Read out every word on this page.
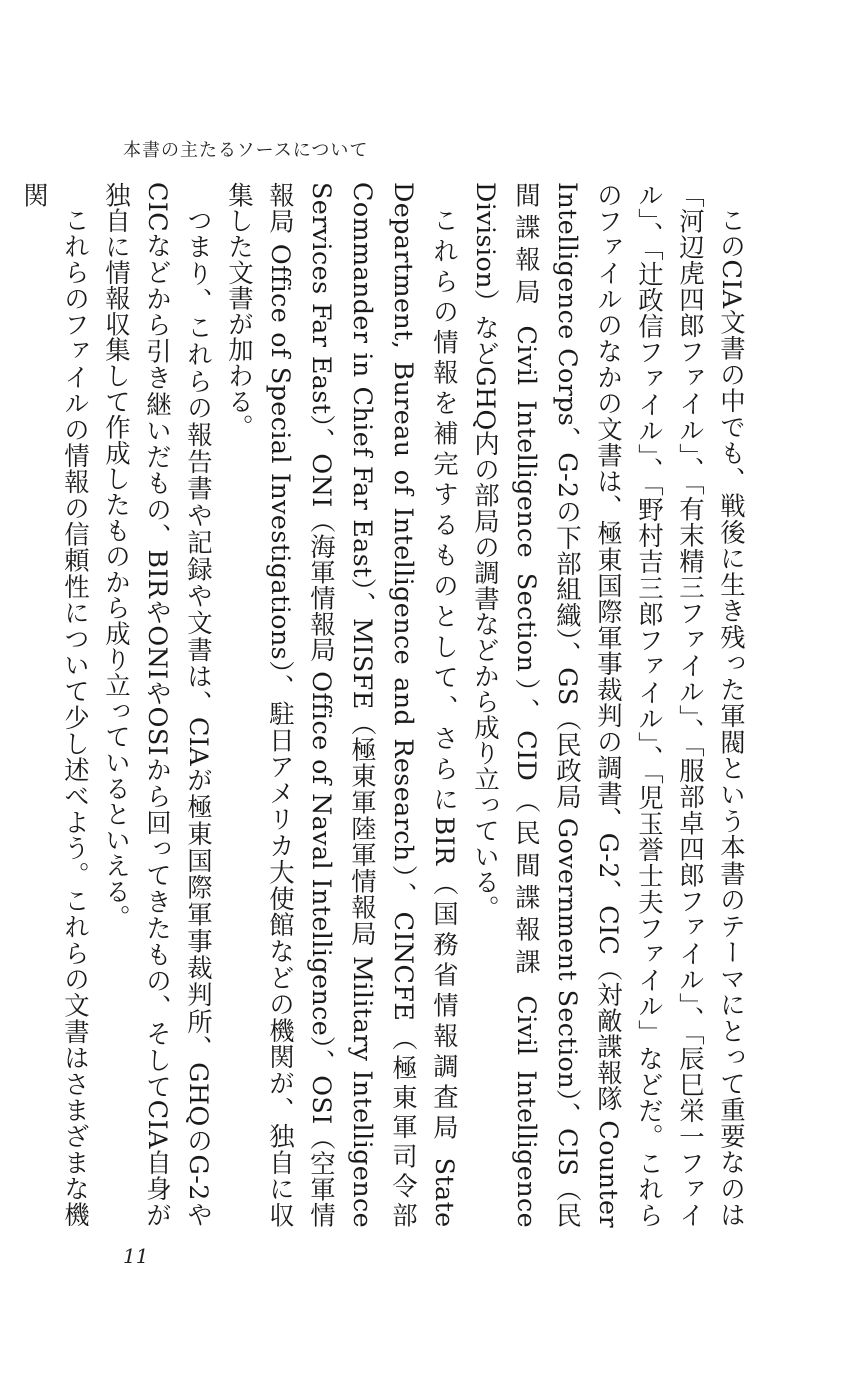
本書の主たるソースについて

このCIA文書の中でも、戦後に生き残った軍閥という本書のテーマにとって重要なのは「河辺虎四郎ファイル」、「有末精三ファイル」、「服部卓四郎ファイル」、「辰巳栄一ファイル」、「辻政信ファイル」、「野村吉三郎ファイル」、「児玉誉士夫ファイル」などだ。これらのファイルのなかの文書は、極東国際軍事裁判の調書、G‐2、CIC（対敵諜報隊 Counter Intelligence Corps、G‐2の下部組織）、GS（民政局 Government Section）、CIS（民間諜報局 Civil Intelligence Section）、CID（民間諜報課 Civil Intelligence Division）などGHQ内の部局の調書などから成り立っている。

これらの情報を補完するものとして、さらにBIR（国務省情報調査局 State Department, Bureau of Intelligence and Research）、CINCFE（極東軍司令部 Commander in Chief Far East）、MISFE（極東軍陸軍情報局 Military Intelligence Services Far East）、ONI（海軍情報局 Office of Naval Intelligence）、OSI（空軍情報局 Office of Special Investigations）、駐日アメリカ大使館などの機関が、独自に収集した文書が加わる。

つまり、これらの報告書や記録や文書は、CIAが極東国際軍事裁判所、GHQのG‐2やCICなどから引き継いだもの、BIRやONIやOSIから回ってきたもの、そしてCIA自身が独自に情報収集して作成したものから成り立っているといえる。

これらのファイルの情報の信頼性について少し述べよう。これらの文書はさまざまな機関

11
